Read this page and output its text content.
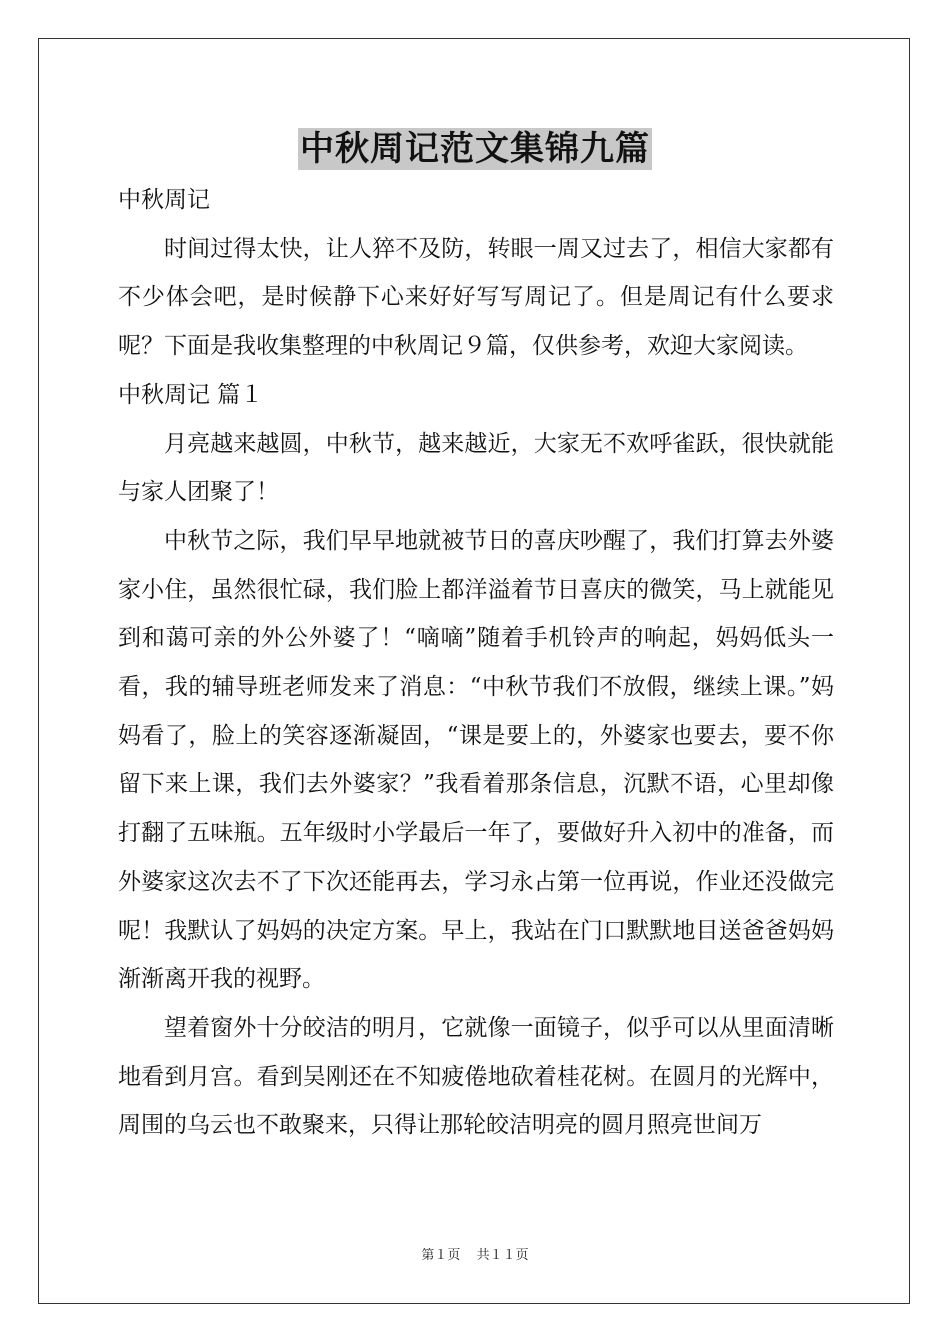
中秋周记范文集锦九篇

中秋周记

时间过得太快，让人猝不及防，转眼一周又过去了，相信大家都有不少体会吧，是时候静下心来好好写写周记了。但是周记有什么要求呢？下面是我收集整理的中秋周记９篇，仅供参考，欢迎大家阅读。

中秋周记 篇１

月亮越来越圆，中秋节，越来越近，大家无不欢呼雀跃，很快就能与家人团聚了！

中秋节之际，我们早早地就被节日的喜庆吵醒了，我们打算去外婆家小住，虽然很忙碌，我们脸上都洋溢着节日喜庆的微笑，马上就能见到和蔼可亲的外公外婆了！“嘀嘀”随着手机铃声的响起，妈妈低头一看，我的辅导班老师发来了消息：“中秋节我们不放假，继续上课。”妈妈看了，脸上的笑容逐渐凝固，“课是要上的，外婆家也要去，要不你留下来上课，我们去外婆家？”我看着那条信息，沉默不语，心里却像打翻了五味瓶。五年级时小学最后一年了，要做好升入初中的准备，而外婆家这次去不了下次还能再去，学习永占第一位再说，作业还没做完呢！我默认了妈妈的决定方案。早上，我站在门口默默地目送爸爸妈妈渐渐离开我的视野。

望着窗外十分皎洁的明月，它就像一面镜子，似乎可以从里面清晰地看到月宫。看到吴刚还在不知疲倦地砍着桂花树。在圆月的光辉中，周围的乌云也不敢聚来，只得让那轮皎洁明亮的圆月照亮世间万

第１页 共１１页
